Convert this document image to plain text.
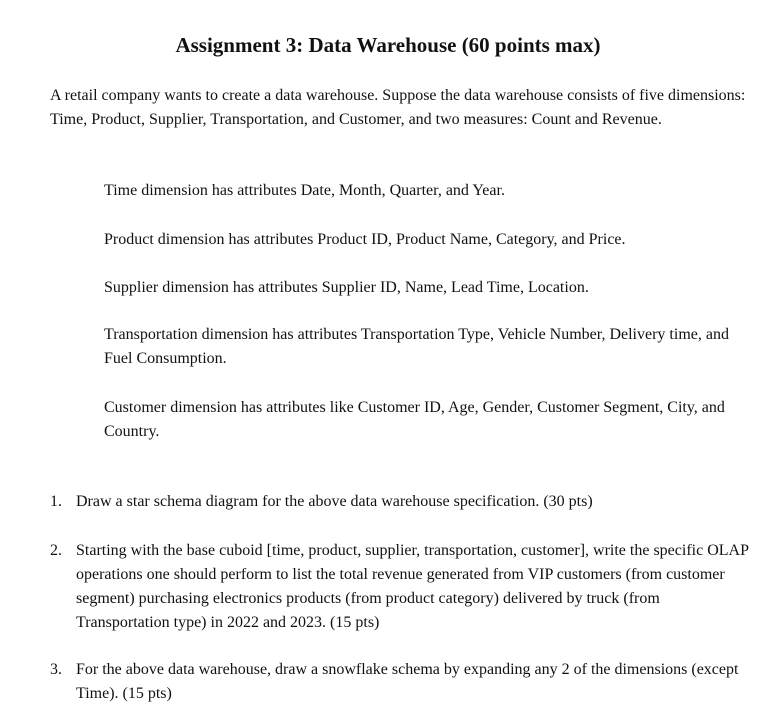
Assignment 3: Data Warehouse (60 points max)

A retail company wants to create a data warehouse. Suppose the data warehouse consists of five dimensions: Time, Product, Supplier, Transportation, and Customer, and two measures: Count and Revenue.

Time dimension has attributes Date, Month, Quarter, and Year.

Product dimension has attributes Product ID, Product Name, Category, and Price.

Supplier dimension has attributes Supplier ID, Name, Lead Time, Location.

Transportation dimension has attributes Transportation Type, Vehicle Number, Delivery time, and Fuel Consumption.

Customer dimension has attributes like Customer ID, Age, Gender, Customer Segment, City, and Country.

1. Draw a star schema diagram for the above data warehouse specification. (30 pts)
2. Starting with the base cuboid [time, product, supplier, transportation, customer], write the specific OLAP operations one should perform to list the total revenue generated from VIP customers (from customer segment) purchasing electronics products (from product category) delivered by truck (from Transportation type) in 2022 and 2023. (15 pts)
3. For the above data warehouse, draw a snowflake schema by expanding any 2 of the dimensions (except Time). (15 pts)
